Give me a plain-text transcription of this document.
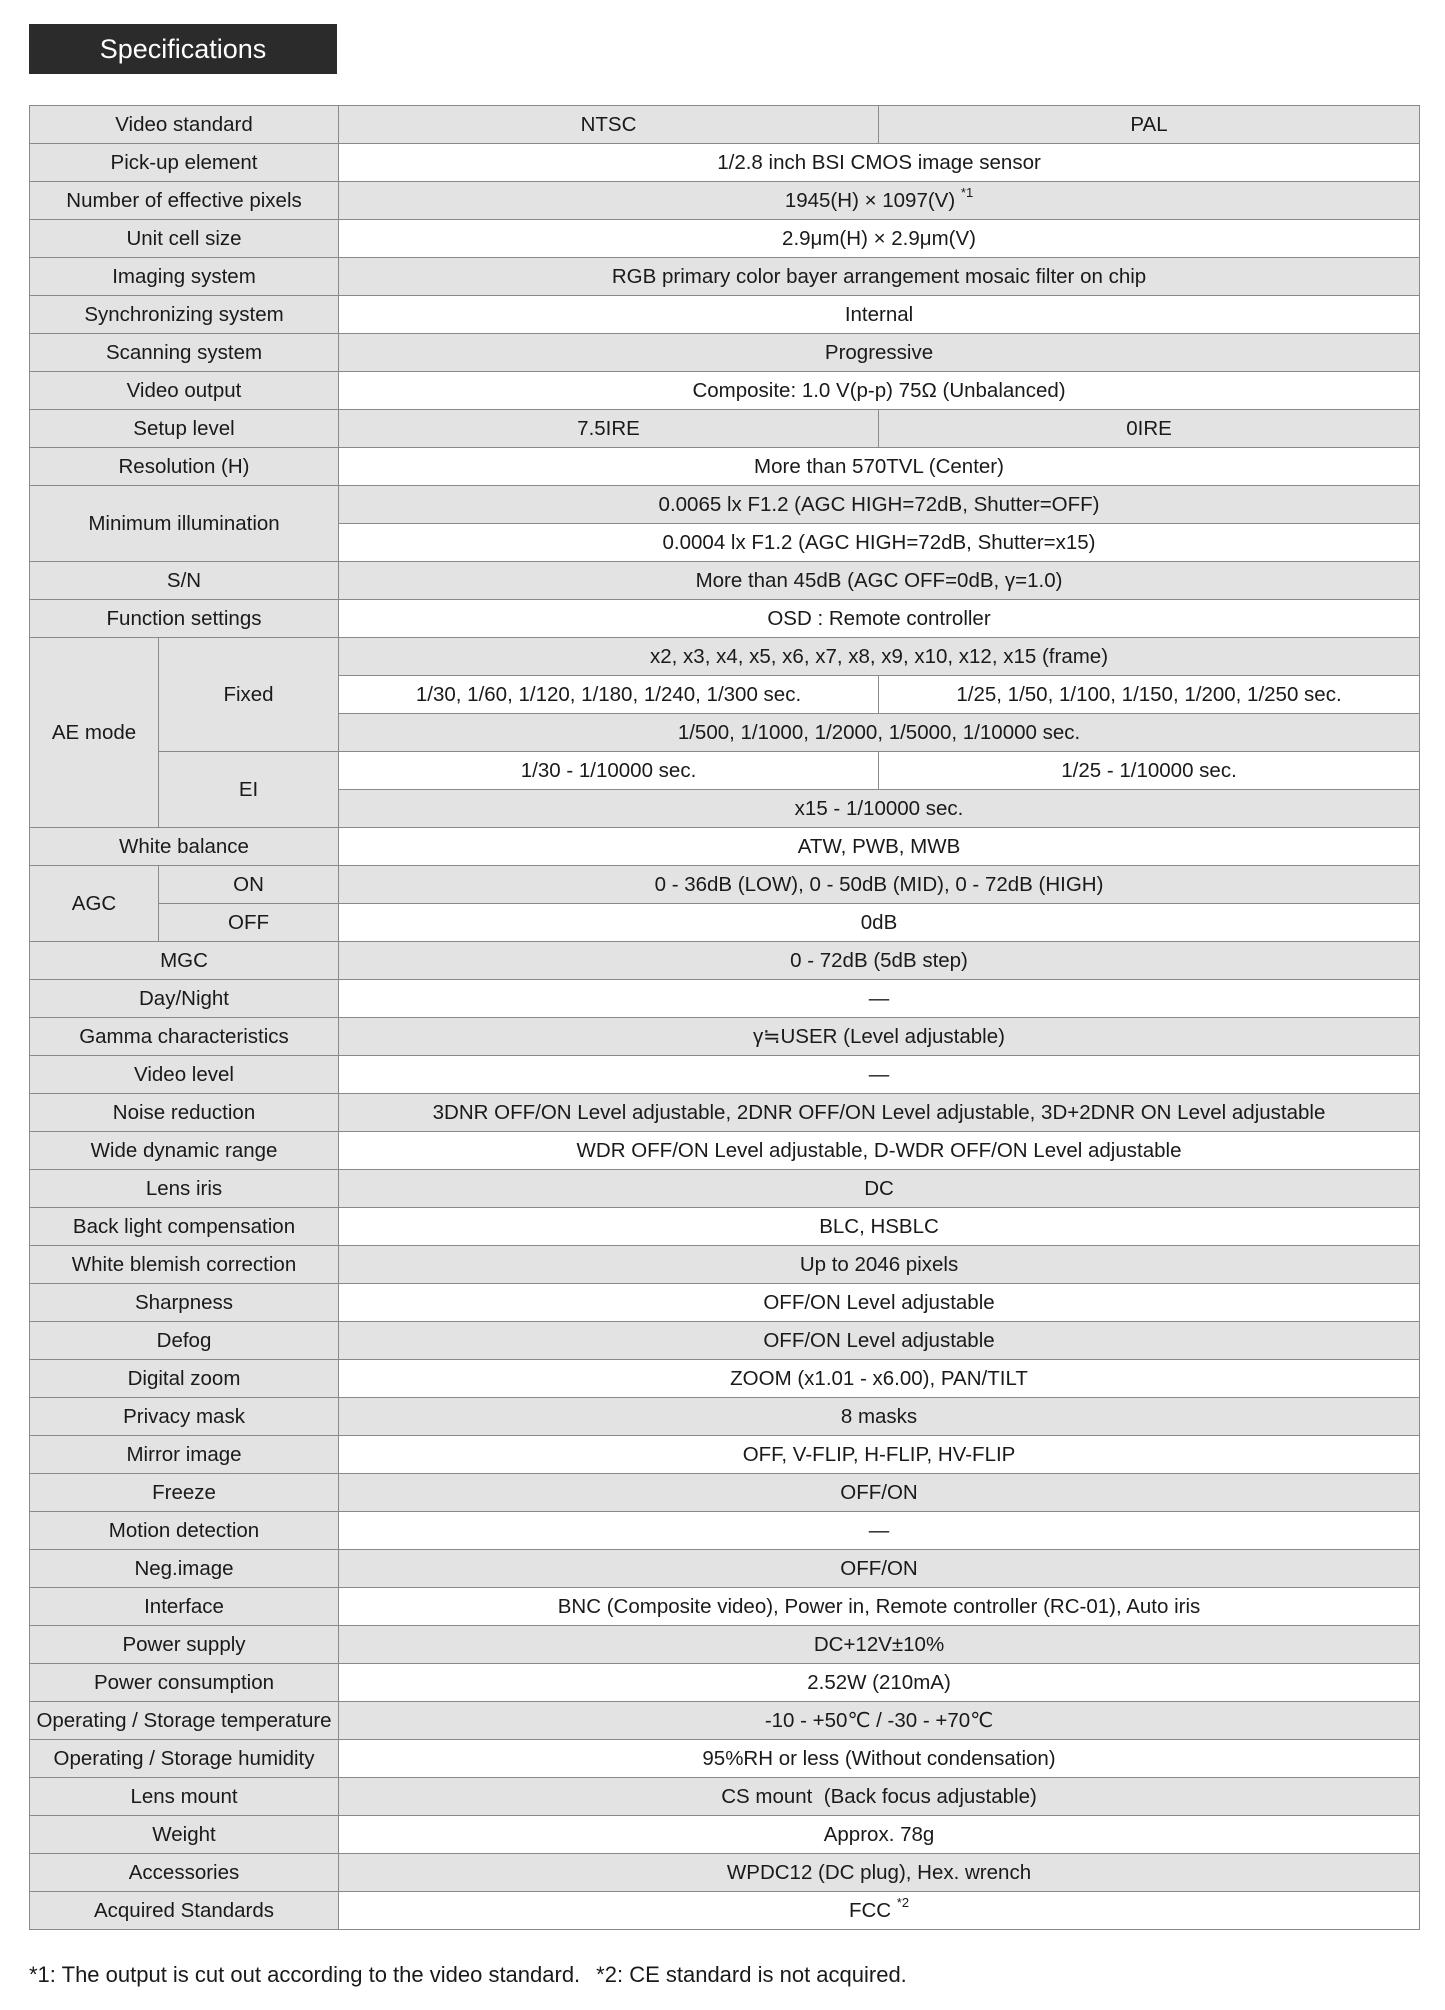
Specifications
Video standard		NTSC	PAL
Pick-up element		1/2.8 inch BSI CMOS image sensor	
Number of effective pixels		1945(H) × 1097(V) $^{*1}$
Unit cell size		2.9μm(H) × 2.9μm(V)	
Imaging system		RGB primary color bayer arrangement mosaic filter on chip	
Synchronizing system		Internal	
Scanning system		Progressive	
Video output		Composite: 1.0 V(p-p) 75Ω (Unbalanced)	
Setup level		7.5IRE	0IRE
Resolution (H)		More than 570TVL (Center)	
Minimum illumination		0.0065 lx F1.2 (AGC HIGH=72dB, Shutter=OFF)	
		0.0004 lx F1.2 (AGC HIGH=72dB, Shutter=x15)	
S/N		More than 45dB (AGC OFF=0dB, γ=1.0)	
Function settings		OSD : Remote controller	
AE mode	Fixed	x2, x3, x4, x5, x6, x7, x8, x9, x10, x12, x15 (frame)	
		1/30, 1/60, 1/120, 1/180, 1/240, 1/300 sec.	1/25, 1/50, 1/100, 1/150, 1/200, 1/250 sec.
		1/500, 1/1000, 1/2000, 1/5000, 1/10000 sec.	
	EI	1/30 - 1/10000 sec.	1/25 - 1/10000 sec.
		x15 - 1/10000 sec.	
White balance		ATW, PWB, MWB	
AGC	ON	0 - 36dB (LOW), 0 - 50dB (MID), 0 - 72dB (HIGH)	
	OFF	0dB	
MGC		0 - 72dB (5dB step)	
Day/Night		—	
Gamma characteristics		γ≒USER (Level adjustable)	
Video level		—	
Noise reduction		3DNR OFF/ON Level adjustable, 2DNR OFF/ON Level adjustable, 3D+2DNR ON Level adjustable	
Wide dynamic range		WDR OFF/ON Level adjustable, D-WDR OFF/ON Level adjustable	
Lens iris		DC	
Back light compensation		BLC, HSBLC	
White blemish correction		Up to 2046 pixels	
Sharpness		OFF/ON Level adjustable	
Defog		OFF/ON Level adjustable	
Digital zoom		ZOOM (x1.01 - x6.00), PAN/TILT	
Privacy mask		8 masks	
Mirror image		OFF, V-FLIP, H-FLIP, HV-FLIP	
Freeze		OFF/ON	
Motion detection		—	
Neg.image		OFF/ON	
Interface		BNC (Composite video), Power in, Remote controller (RC-01), Auto iris	
Power supply		DC+12V±10%	
Power consumption		2.52W (210mA)	
Operating / Storage temperature		-10 - +50℃ / -30 - +70℃	
Operating / Storage humidity		95%RH or less (Without condensation)	
Lens mount		CS mount  (Back focus adjustable)	
Weight		Approx. 78g	
Accessories		WPDC12 (DC plug), Hex. wrench	
Acquired Standards		FCC $^{*2}$
*1: The output is cut out according to the video standard. *2: CE standard is not acquired.
